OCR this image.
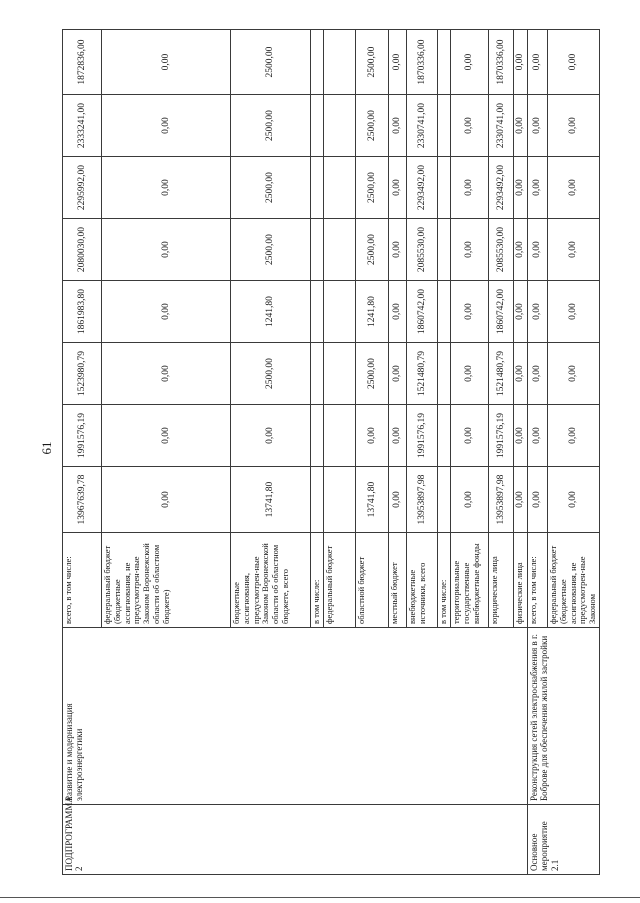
61
ПОДПРОГРАММА 2	Развитие и модернизация электроэнергетики	всего, в том числе:	13967639,78	1991576,19	1523980,79	1861983,80	2080030,00	2295992,00	2333241,00	1872836,00
		федеральный бюджет (бюджетные ассигнования, не предусмотрен-ные Законом Воронежской области об областном бюджете)	0,00	0,00	0,00	0,00	0,00	0,00	0,00	0,00
		бюджетные ассигнования, предусмотрен-ные Законом Воронежской области об областном бюджете, всего	13741,80	0,00	2500,00	1241,80	2500,00	2500,00	2500,00	2500,00
		в том числе:								
		федеральный бюджет								
		областной бюджет	13741,80	0,00	2500,00	1241,80	2500,00	2500,00	2500,00	2500,00
		местный бюджет	0,00	0,00	0,00	0,00	0,00	0,00	0,00	0,00
		внебюджетные источники, всего	13953897,98	1991576,19	1521480,79	1860742,00	2085530,00	2293492,00	2330741,00	1870336,00
		в том числе:								
		территориальные государственные внебюджетные фонды	0,00	0,00	0,00	0,00	0,00	0,00	0,00	0,00
		юридические лица	13953897,98	1991576,19	1521480,79	1860742,00	2085530,00	2293492,00	2330741,00	1870336,00
		физические лица	0,00	0,00	0,00	0,00	0,00	0,00	0,00	0,00
Основное мероприятие 2.1	Реконструкция сетей электроснабжения в г. Боброве для обеспечения жилой застройки	всего, в том числе:	0,00	0,00	0,00	0,00	0,00	0,00	0,00	0,00
		федеральный бюджет (бюджетные ассигнования, не предусмотрен-ные Законом	0,00	0,00	0,00	0,00	0,00	0,00	0,00	0,00
